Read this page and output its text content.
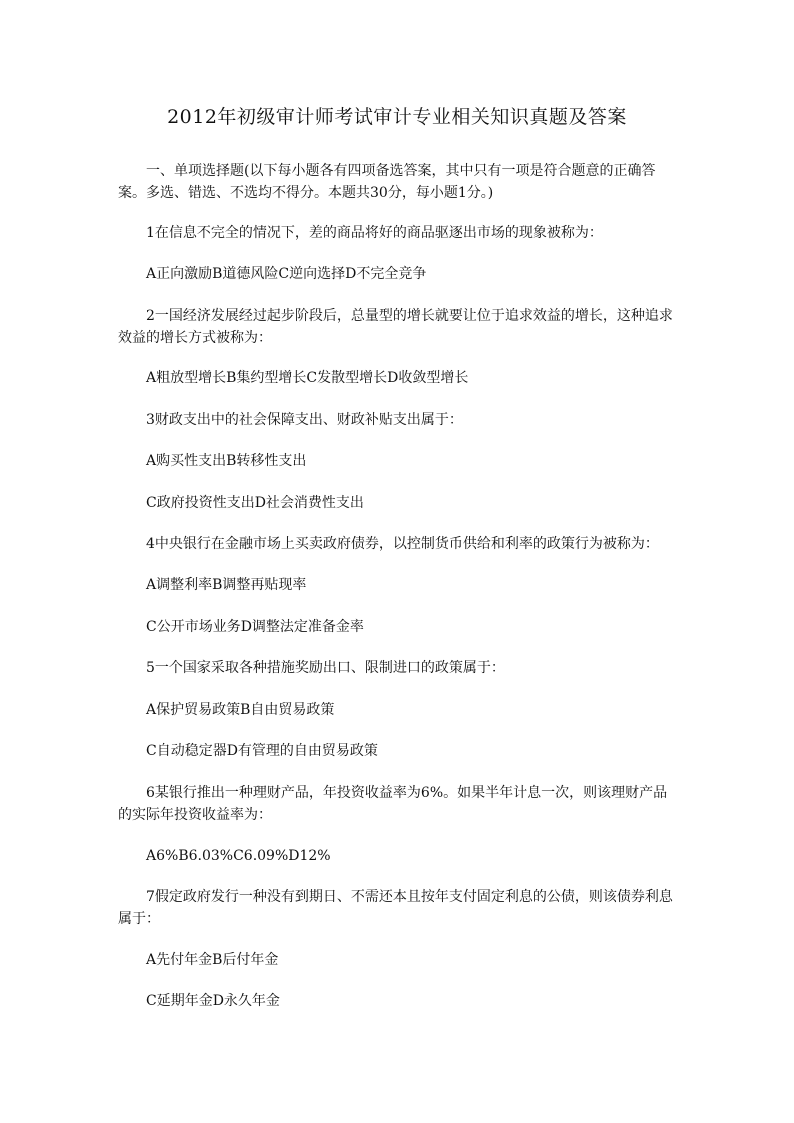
2012年初级审计师考试审计专业相关知识真题及答案
一、单项选择题(以下每小题各有四项备选答案，其中只有一项是符合题意的正确答案。多选、错选、不选均不得分。本题共30分，每小题1分。)
1在信息不完全的情况下，差的商品将好的商品驱逐出市场的现象被称为：
A正向激励B道德风险C逆向选择D不完全竞争
2一国经济发展经过起步阶段后，总量型的增长就要让位于追求效益的增长，这种追求效益的增长方式被称为：
A粗放型增长B集约型增长C发散型增长D收敛型增长
3财政支出中的社会保障支出、财政补贴支出属于：
A购买性支出B转移性支出
C政府投资性支出D社会消费性支出
4中央银行在金融市场上买卖政府债券，以控制货币供给和利率的政策行为被称为：
A调整利率B调整再贴现率
C公开市场业务D调整法定准备金率
5一个国家采取各种措施奖励出口、限制进口的政策属于：
A保护贸易政策B自由贸易政策
C自动稳定器D有管理的自由贸易政策
6某银行推出一种理财产品，年投资收益率为6%。如果半年计息一次，则该理财产品的实际年投资收益率为：
A6%B6.03%C6.09%D12%
7假定政府发行一种没有到期日、不需还本且按年支付固定利息的公债，则该债券利息属于：
A先付年金B后付年金
C延期年金D永久年金
